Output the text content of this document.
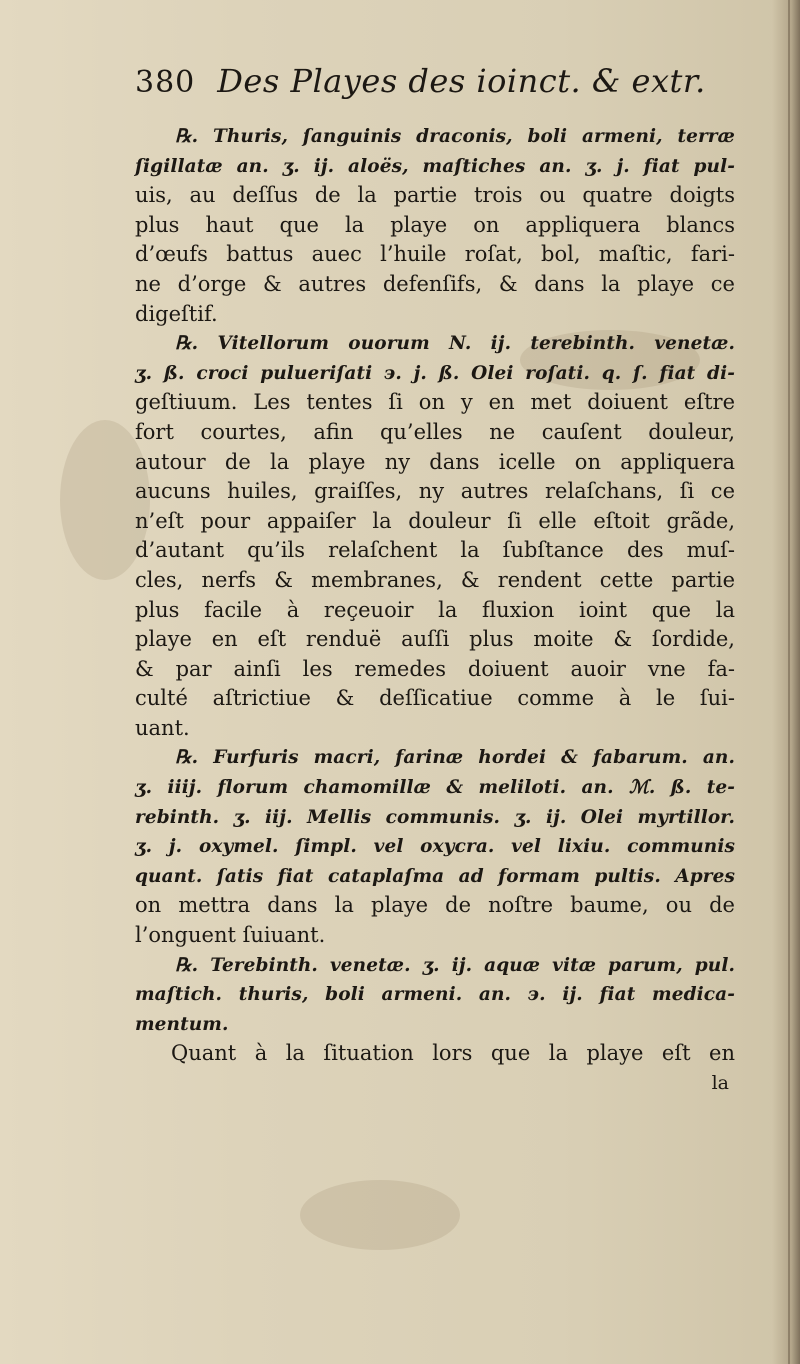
380 Des Playes des ioinct. & extr.
℞. Thuris, ſanguinis draconis, boli armeni, terræ
ſigillatæ an. ʒ. ij. aloës, maſtiches an. ʒ. j. fiat pul-
uis, au deſſus de la partie trois ou quatre doigts
plus haut que la playe on appliquera blancs
d’œufs battus auec l’huile roſat, bol, maſtic, fari-
ne d’orge & autres defenſifs, & dans la playe ce
digeſtif.
℞. Vitellorum ouorum N. ij. terebinth. venetæ.
ʒ. ß. croci pulueriſati ϶. j. ß. Olei roſati. q. ſ. fiat di-
geſtiuum. Les tentes ſi on y en met doiuent eſtre
fort courtes, afin qu’elles ne cauſent douleur,
autour de la playe ny dans icelle on appliquera
aucuns huiles, graiſſes, ny autres relaſchans, ſi ce
n’eſt pour appaiſer la douleur ſi elle eſtoit grãde,
d’autant qu’ils relaſchent la ſubſtance des muſ-
cles, nerfs & membranes, & rendent cette partie
plus facile à reçeuoir la fluxion ioint que la
playe en eſt renduë auſſi plus moite & ſordide,
& par ainſi les remedes doiuent auoir vne fa-
culté aſtrictiue & deſſicatiue comme à le ſui-
uant.
℞. Furfuris macri, farinæ hordei & fabarum. an.
ʒ. iiij. florum chamomillæ & meliloti. an. ℳ. ß. te-
rebinth. ʒ. iij. Mellis communis. ʒ. ij. Olei myrtillor.
ʒ. j. oxymel. ſimpl. vel oxycra. vel lixiu. communis
quant. ſatis fiat cataplaſma ad formam pultis. Apres
on mettra dans la playe de noſtre baume, ou de
l’onguent ſuiuant.
℞. Terebinth. venetæ. ʒ. ij. aquæ vitæ parum, pul.
maſtich. thuris, boli armeni. an. ϶. ij. fiat medica-
mentum.
Quant à la ſituation lors que la playe eſt en
la
